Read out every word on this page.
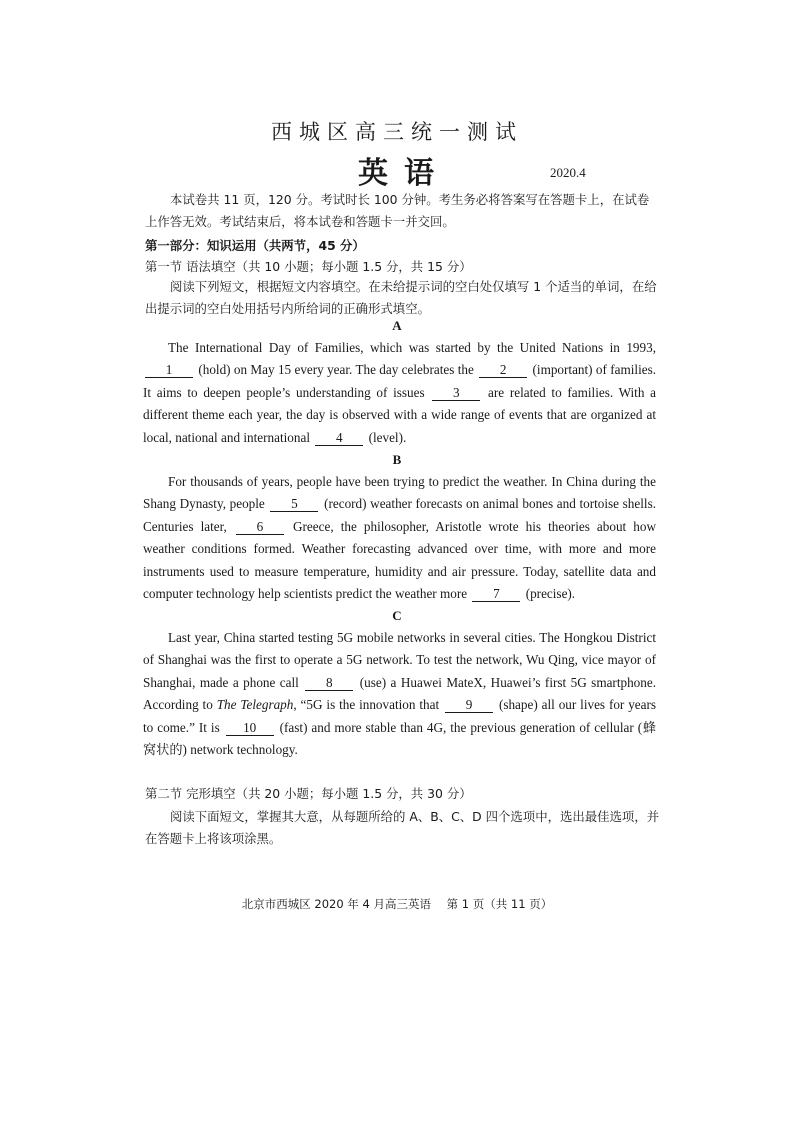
西城区高三统一测试
英语	2020.4
本试卷共 11 页，120 分。考试时长 100 分钟。考生务必将答案写在答题卡上，在试卷上作答无效。考试结束后，将本试卷和答题卡一并交回。
第一部分：知识运用（共两节，45 分）
第一节 语法填空（共 10 小题；每小题 1.5 分，共 15 分）
阅读下列短文，根据短文内容填空。在未给提示词的空白处仅填写 1 个适当的单词，在给出提示词的空白处用括号内所给词的正确形式填空。
A
The International Day of Families, which was started by the United Nations in 1993, 1 (hold) on May 15 every year. The day celebrates the 2 (important) of families. It aims to deepen people’s understanding of issues 3 are related to families. With a different theme each year, the day is observed with a wide range of events that are organized at local, national and international 4 (level).
B
For thousands of years, people have been trying to predict the weather. In China during the Shang Dynasty, people 5 (record) weather forecasts on animal bones and tortoise shells. Centuries later, 6 Greece, the philosopher, Aristotle wrote his theories about how weather conditions formed. Weather forecasting advanced over time, with more and more instruments used to measure temperature, humidity and air pressure. Today, satellite data and computer technology help scientists predict the weather more 7 (precise).
C
Last year, China started testing 5G mobile networks in several cities. The Hongkou District of Shanghai was the first to operate a 5G network. To test the network, Wu Qing, vice mayor of Shanghai, made a phone call 8 (use) a Huawei MateX, Huawei’s first 5G smartphone. According to The Telegraph, “5G is the innovation that 9 (shape) all our lives for years to come.” It is 10 (fast) and more stable than 4G, the previous generation of cellular (蜂窝状的) network technology.
第二节 完形填空（共 20 小题；每小题 1.5 分，共 30 分）
阅读下面短文，掌握其大意，从每题所给的 A、B、C、D 四个选项中，选出最佳选项，并在答题卡上将该项涂黑。
北京市西城区 2020 年 4 月高三英语 第 1 页（共 11 页）
